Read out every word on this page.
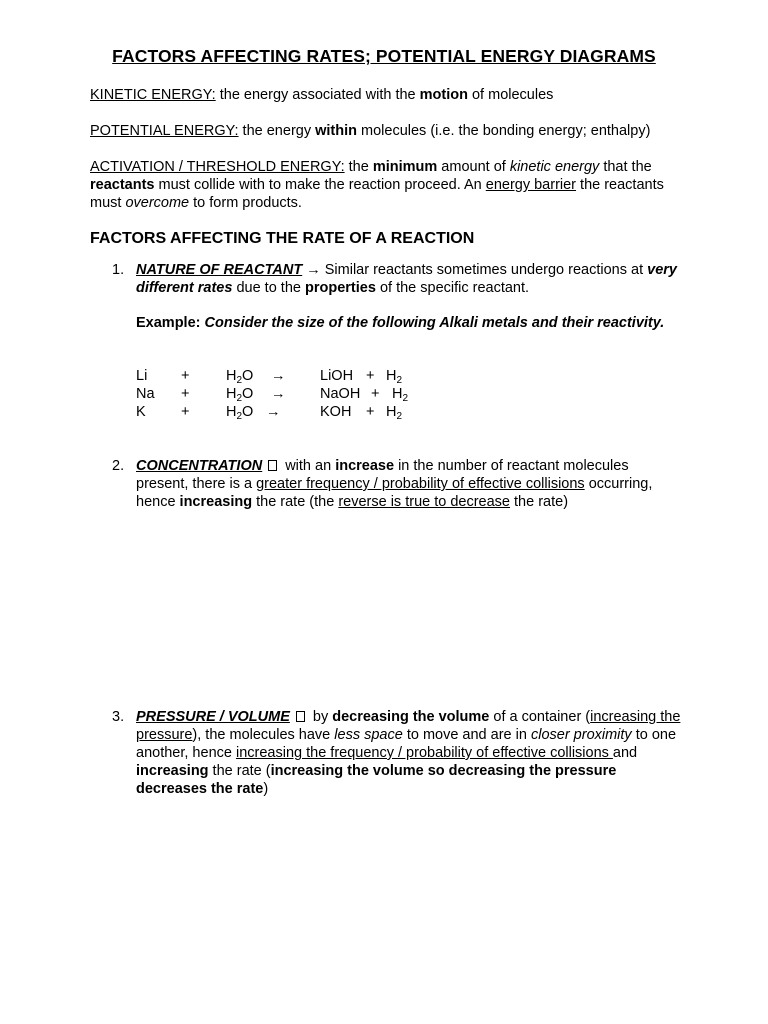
FACTORS AFFECTING RATES; POTENTIAL ENERGY DIAGRAMS
KINETIC ENERGY: the energy associated with the motion of molecules
POTENTIAL ENERGY: the energy within molecules (i.e. the bonding energy; enthalpy)
ACTIVATION / THRESHOLD ENERGY: the minimum amount of kinetic energy that the reactants must collide with to make the reaction proceed. An energy barrier the reactants must overcome to form products.
FACTORS AFFECTING THE RATE OF A REACTION
1. NATURE OF REACTANT → Similar reactants sometimes undergo reactions at very different rates due to the properties of the specific reactant.
Example: Consider the size of the following Alkali metals and their reactivity.
Li +	$H_2O$ → LiOH + $H_2$
Na +	$H_2O$ → NaOH + $H_2$
K +	$H_2O$ →	KOH + $H_2$
2. CONCENTRATION with an increase in the number of reactant molecules present, there is a greater frequency / probability of effective collisions occurring, hence increasing the rate (the reverse is true to decrease the rate)
3. PRESSURE / VOLUME by decreasing the volume of a container (increasing the pressure), the molecules have less space to move and are in closer proximity to one another, hence increasing the frequency / probability of effective collisions and increasing the rate (increasing the volume so decreasing the pressure decreases the rate)
